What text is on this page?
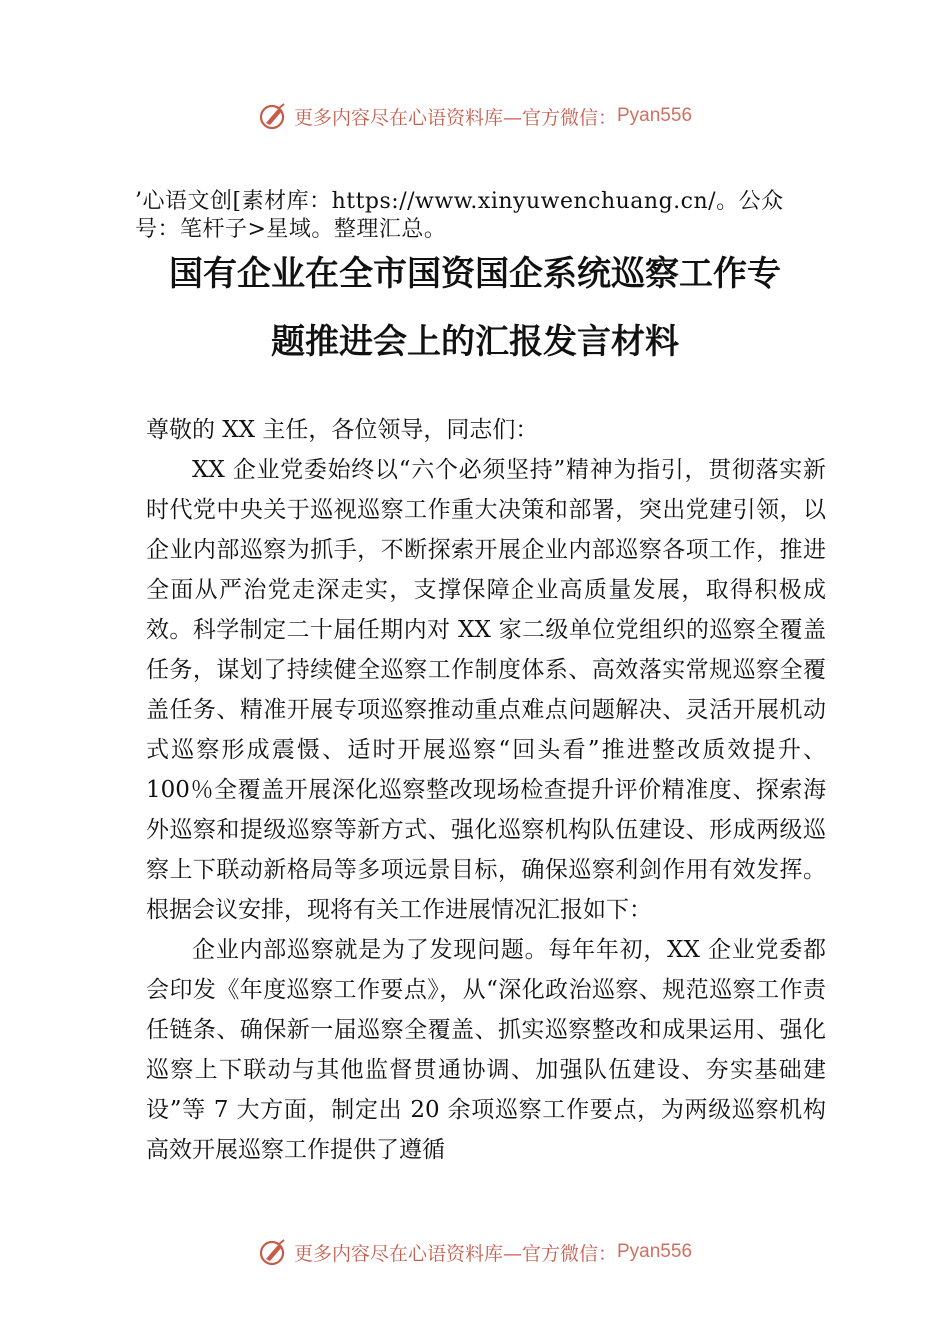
更多内容尽在心语资料库—官方微信： Pyan556
’心语文创[素材库：https://www.xinyuwenchuang.cn/。公众号：笔杆子>星域。整理汇总。
国有企业在全市国资国企系统巡察工作专
题推进会上的汇报发言材料

尊敬的 XX 主任，各位领导，同志们：

XX 企业党委始终以“六个必须坚持”精神为指引，贯彻落实新时代党中央关于巡视巡察工作重大决策和部署，突出党建引领，以企业内部巡察为抓手，不断探索开展企业内部巡察各项工作，推进全面从严治党走深走实，支撑保障企业高质量发展，取得积极成效。科学制定二十届任期内对 XX 家二级单位党组织的巡察全覆盖任务，谋划了持续健全巡察工作制度体系、高效落实常规巡察全覆盖任务、精准开展专项巡察推动重点难点问题解决、灵活开展机动式巡察形成震慑、适时开展巡察“回头看”推进整改质效提升、100％全覆盖开展深化巡察整改现场检查提升评价精准度、探索海外巡察和提级巡察等新方式、强化巡察机构队伍建设、形成两级巡察上下联动新格局等多项远景目标，确保巡察利剑作用有效发挥。根据会议安排，现将有关工作进展情况汇报如下：

企业内部巡察就是为了发现问题。每年年初，XX 企业党委都会印发《年度巡察工作要点》，从“深化政治巡察、规范巡察工作责任链条、确保新一届巡察全覆盖、抓实巡察整改和成果运用、强化巡察上下联动与其他监督贯通协调、加强队伍建设、夯实基础建设”等 7 大方面，制定出 20 余项巡察工作要点，为两级巡察机构高效开展巡察工作提供了遵循

更多内容尽在心语资料库—官方微信： Pyan556
